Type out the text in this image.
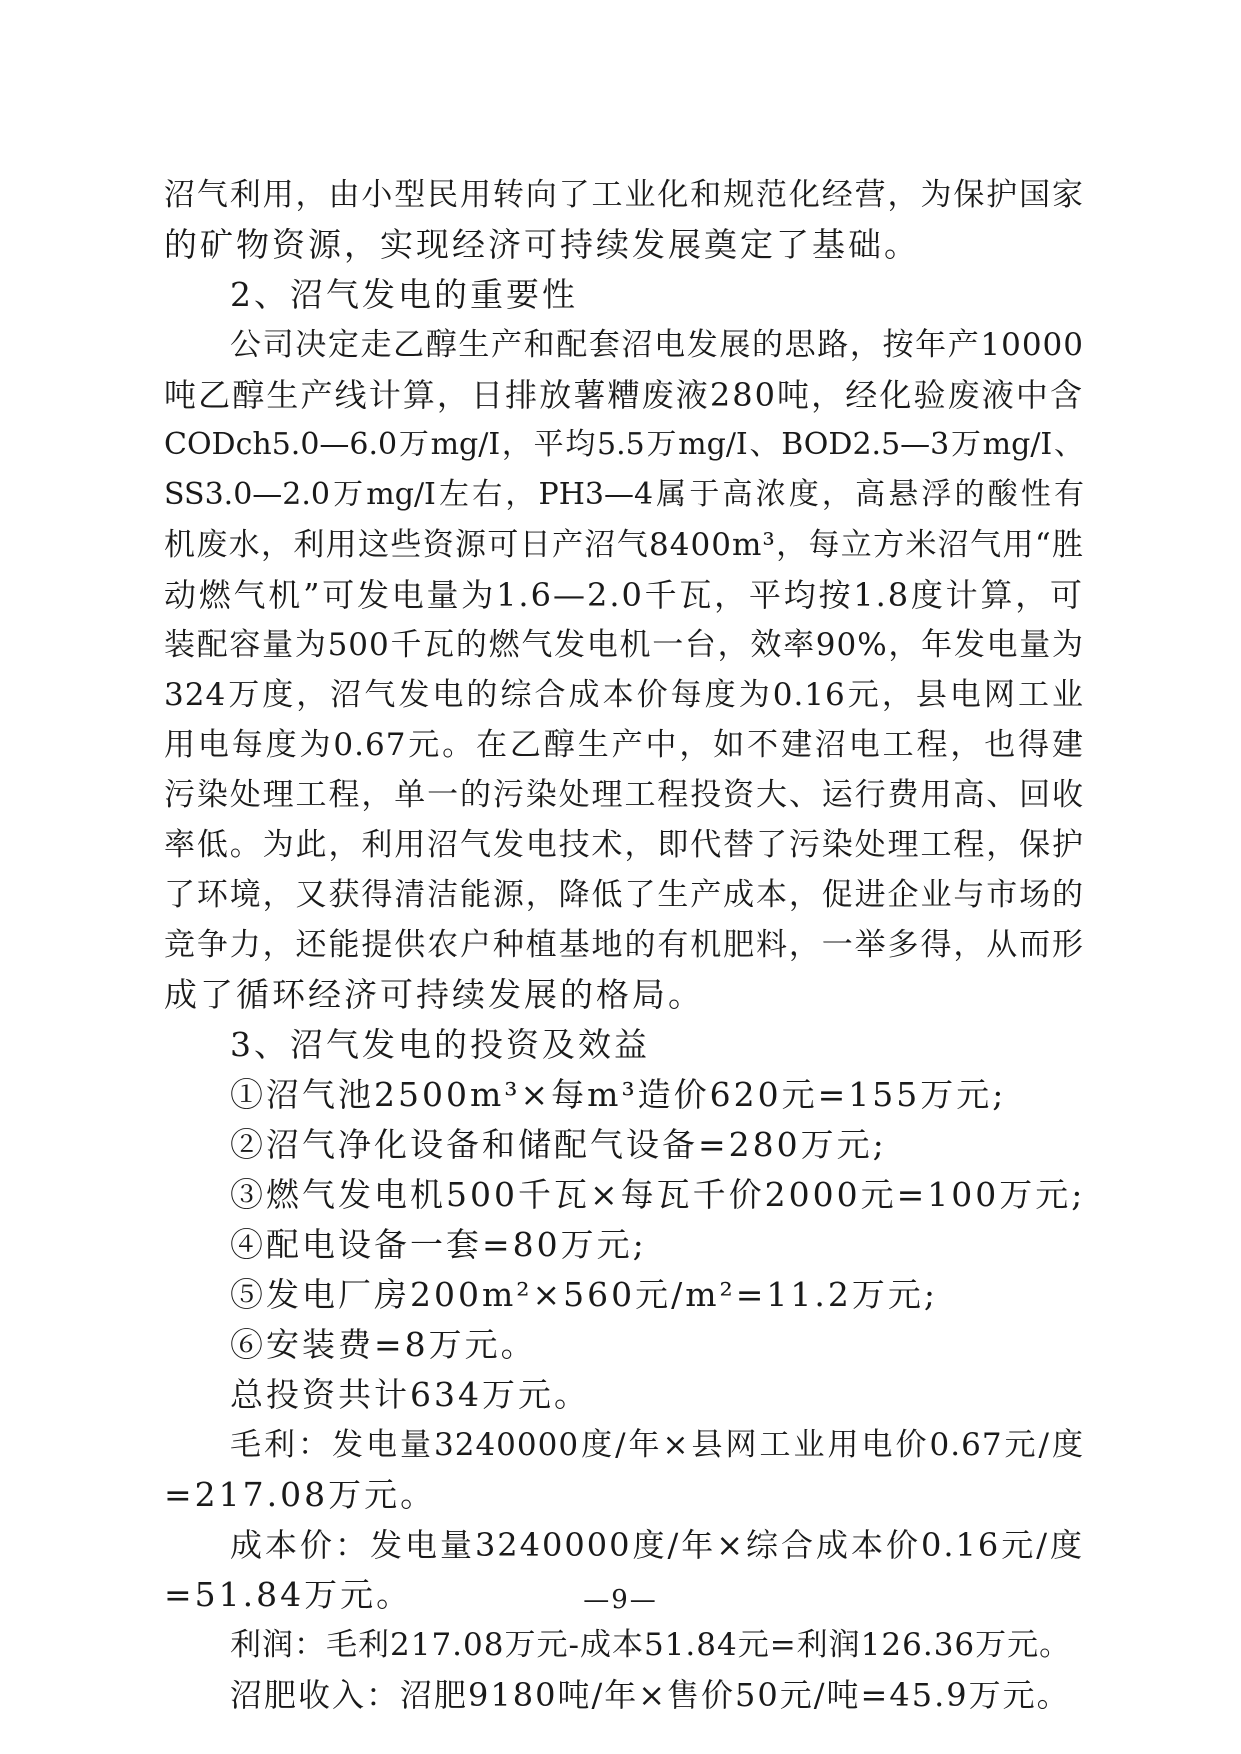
沼气利用，由小型民用转向了工业化和规范化经营，为保护国家
的矿物资源，实现经济可持续发展奠定了基础。
2、沼气发电的重要性
公司决定走乙醇生产和配套沼电发展的思路，按年产10000
吨乙醇生产线计算，日排放薯糟废液280吨，经化验废液中含
CODch5.0—6.0万mg/I，平均5.5万mg/I、BOD2.5—3万mg/I、
SS3.0—2.0万mg/I左右，PH3—4属于高浓度，高悬浮的酸性有
机废水，利用这些资源可日产沼气8400m³，每立方米沼气用“胜
动燃气机”可发电量为1.6—2.0千瓦，平均按1.8度计算，可
装配容量为500千瓦的燃气发电机一台，效率90%，年发电量为
324万度，沼气发电的综合成本价每度为0.16元，县电网工业
用电每度为0.67元。在乙醇生产中，如不建沼电工程，也得建
污染处理工程，单一的污染处理工程投资大、运行费用高、回收
率低。为此，利用沼气发电技术，即代替了污染处理工程，保护
了环境，又获得清洁能源，降低了生产成本，促进企业与市场的
竞争力，还能提供农户种植基地的有机肥料，一举多得，从而形
成了循环经济可持续发展的格局。
3、沼气发电的投资及效益
①沼气池2500m³×每m³造价620元=155万元;
②沼气净化设备和储配气设备=280万元;
③燃气发电机500千瓦×每瓦千价2000元=100万元;
④配电设备一套=80万元;
⑤发电厂房200m²×560元/m²=11.2万元;
⑥安装费=8万元。
总投资共计634万元。
毛利：发电量3240000度/年×县网工业用电价0.67元/度
=217.08万元。
成本价：发电量3240000度/年×综合成本价0.16元/度
=51.84万元。
利润：毛利217.08万元-成本51.84元=利润126.36万元。
沼肥收入：沼肥9180吨/年×售价50元/吨=45.9万元。
—9—
